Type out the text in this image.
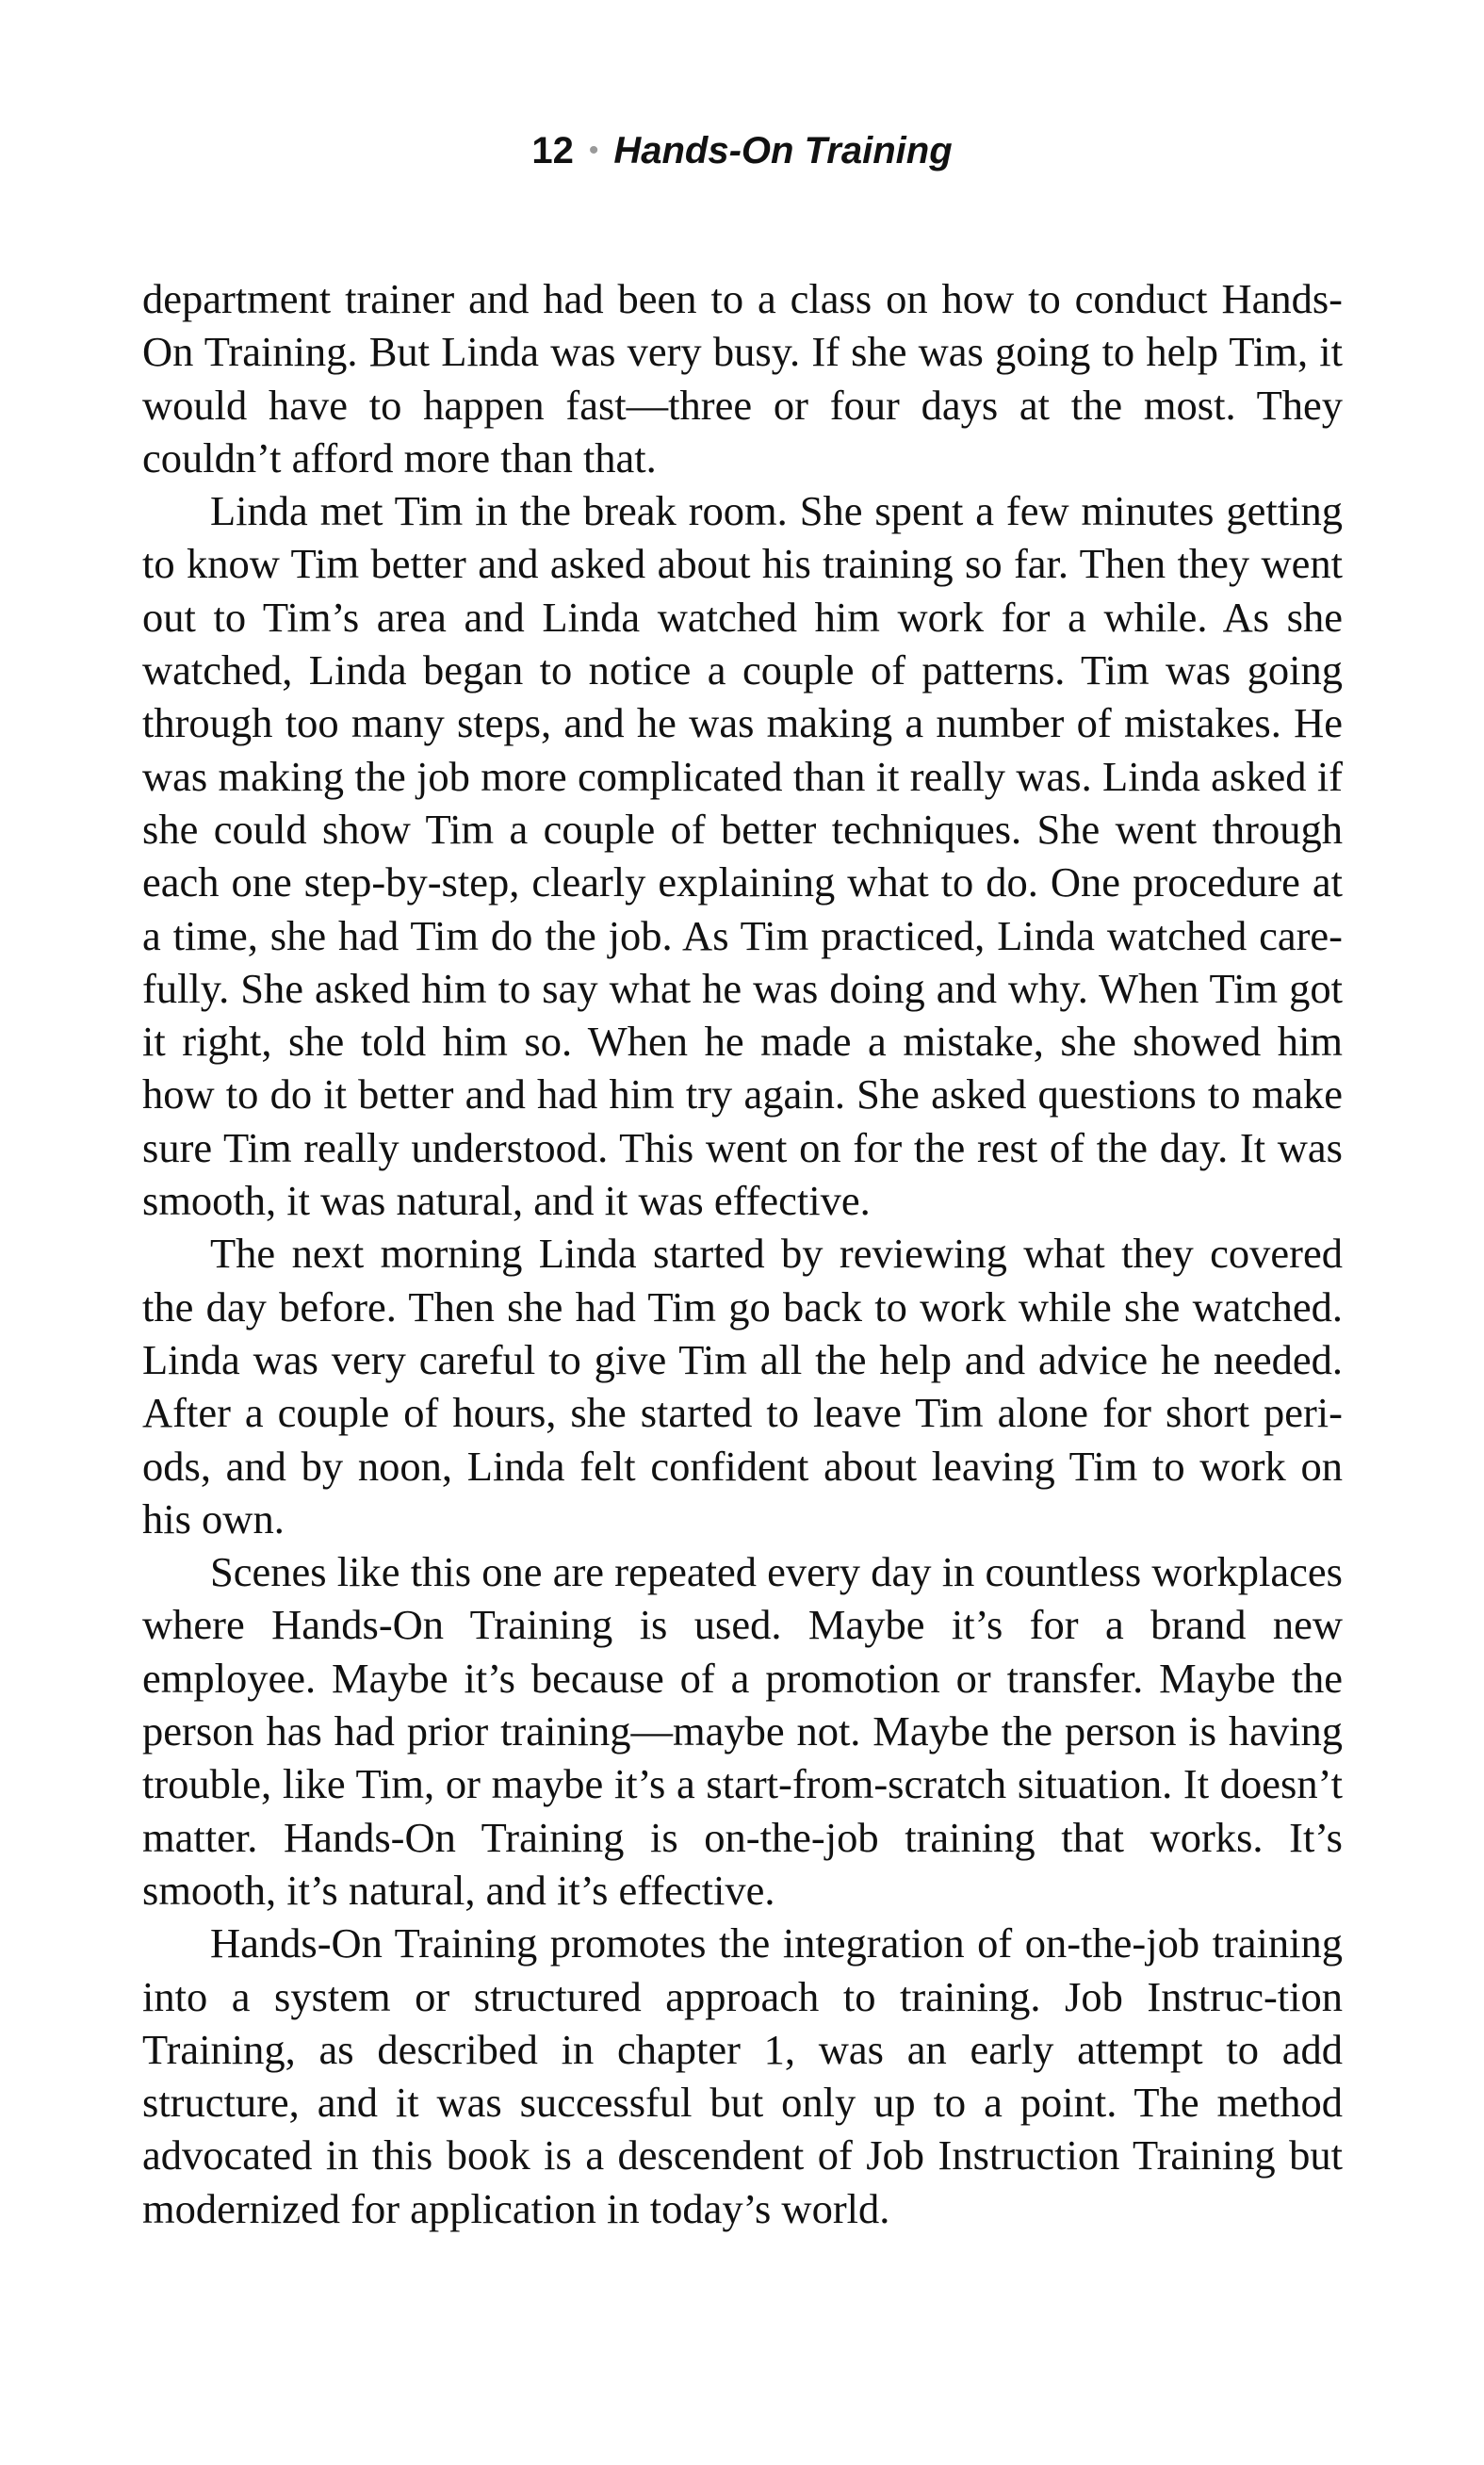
12 • Hands-On Training

department trainer and had been to a class on how to conduct Hands-On Training. But Linda was very busy. If she was going to help Tim, it would have to happen fast—three or four days at the most. They couldn’t afford more than that.

Linda met Tim in the break room. She spent a few minutes getting to know Tim better and asked about his training so far. Then they went out to Tim’s area and Linda watched him work for a while. As she watched, Linda began to notice a couple of patterns. Tim was going through too many steps, and he was making a number of mistakes. He was making the job more complicated than it really was. Linda asked if she could show Tim a couple of better techniques. She went through each one step-by-step, clearly explaining what to do. One procedure at a time, she had Tim do the job. As Tim practiced, Linda watched care-fully. She asked him to say what he was doing and why. When Tim got it right, she told him so. When he made a mistake, she showed him how to do it better and had him try again. She asked questions to make sure Tim really understood. This went on for the rest of the day. It was smooth, it was natural, and it was effective.

The next morning Linda started by reviewing what they covered the day before. Then she had Tim go back to work while she watched. Linda was very careful to give Tim all the help and advice he needed. After a couple of hours, she started to leave Tim alone for short peri-ods, and by noon, Linda felt confident about leaving Tim to work on his own.

Scenes like this one are repeated every day in countless workplaces where Hands-On Training is used. Maybe it’s for a brand new employee. Maybe it’s because of a promotion or transfer. Maybe the person has had prior training—maybe not. Maybe the person is having trouble, like Tim, or maybe it’s a start-from-scratch situation. It doesn’t matter. Hands-On Training is on-the-job training that works. It’s smooth, it’s natural, and it’s effective.

Hands-On Training promotes the integration of on-the-job training into a system or structured approach to training. Job Instruc-tion Training, as described in chapter 1, was an early attempt to add structure, and it was successful but only up to a point. The method advocated in this book is a descendent of Job Instruction Training but modernized for application in today’s world.
